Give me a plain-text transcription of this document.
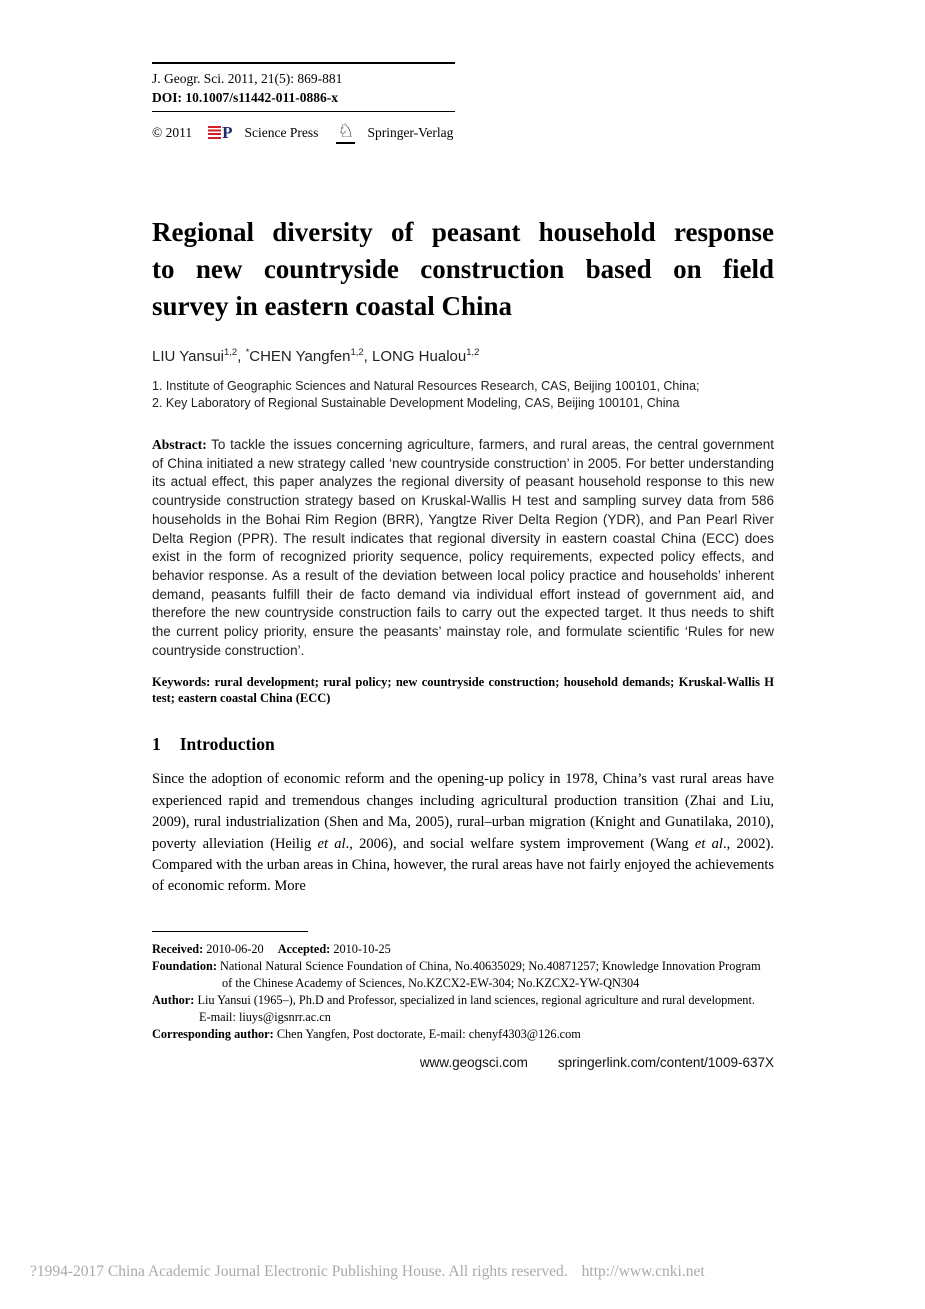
J. Geogr. Sci. 2011, 21(5): 869-881
DOI: 10.1007/s11442-011-0886-x
© 2011 P Science Press ♘ Springer-Verlag
Regional diversity of peasant household response
to new countryside construction based on field
survey in eastern coastal China
LIU Yansui$^{1,2}$, *CHEN Yangfen$^{1,2}$, LONG Hualou$^{1,2}$
1. Institute of Geographic Sciences and Natural Resources Research, CAS, Beijing 100101, China;
2. Key Laboratory of Regional Sustainable Development Modeling, CAS, Beijing 100101, China

Abstract: To tackle the issues concerning agriculture, farmers, and rural areas, the central government of China initiated a new strategy called ‘new countryside construction’ in 2005. For better understanding its actual effect, this paper analyzes the regional diversity of peasant household response to this new countryside construction strategy based on Kruskal-Wallis H test and sampling survey data from 586 households in the Bohai Rim Region (BRR), Yangtze River Delta Region (YDR), and Pan Pearl River Delta Region (PPR). The result indicates that regional diversity in eastern coastal China (ECC) does exist in the form of recognized priority sequence, policy requirements, expected policy effects, and behavior response. As a result of the deviation between local policy practice and households’ inherent demand, peasants fulfill their de facto demand via individual effort instead of government aid, and therefore the new countryside construction fails to carry out the expected target. It thus needs to shift the current policy priority, ensure the peasants’ mainstay role, and formulate scientific ‘Rules for new countryside construction’.

Keywords: rural development; rural policy; new countryside construction; household demands; Kruskal-Wallis H test; eastern coastal China (ECC)

1 Introduction

Since the adoption of economic reform and the opening-up policy in 1978, China’s vast rural areas have experienced rapid and tremendous changes including agricultural production transition (Zhai and Liu, 2009), rural industrialization (Shen and Ma, 2005), rural–urban migration (Knight and Gunatilaka, 2010), poverty alleviation (Heilig et al., 2006), and social welfare system improvement (Wang et al., 2002). Compared with the urban areas in China, however, the rural areas have not fairly enjoyed the achievements of economic reform. More

Received: 2010-06-20 Accepted: 2010-10-25
Foundation: National Natural Science Foundation of China, No.40635029; No.40871257; Knowledge Innovation Program
of the Chinese Academy of Sciences, No.KZCX2-EW-304; No.KZCX2-YW-QN304
Author: Liu Yansui (1965–), Ph.D and Professor, specialized in land sciences, regional agriculture and rural development.
E-mail: liuys@igsnrr.ac.cn
Corresponding author: Chen Yangfen, Post doctorate, E-mail: chenyf4303@126.com
www.geogsci.com springerlink.com/content/1009-637X
?1994-2017 China Academic Journal Electronic Publishing House. All rights reserved. http://www.cnki.net
